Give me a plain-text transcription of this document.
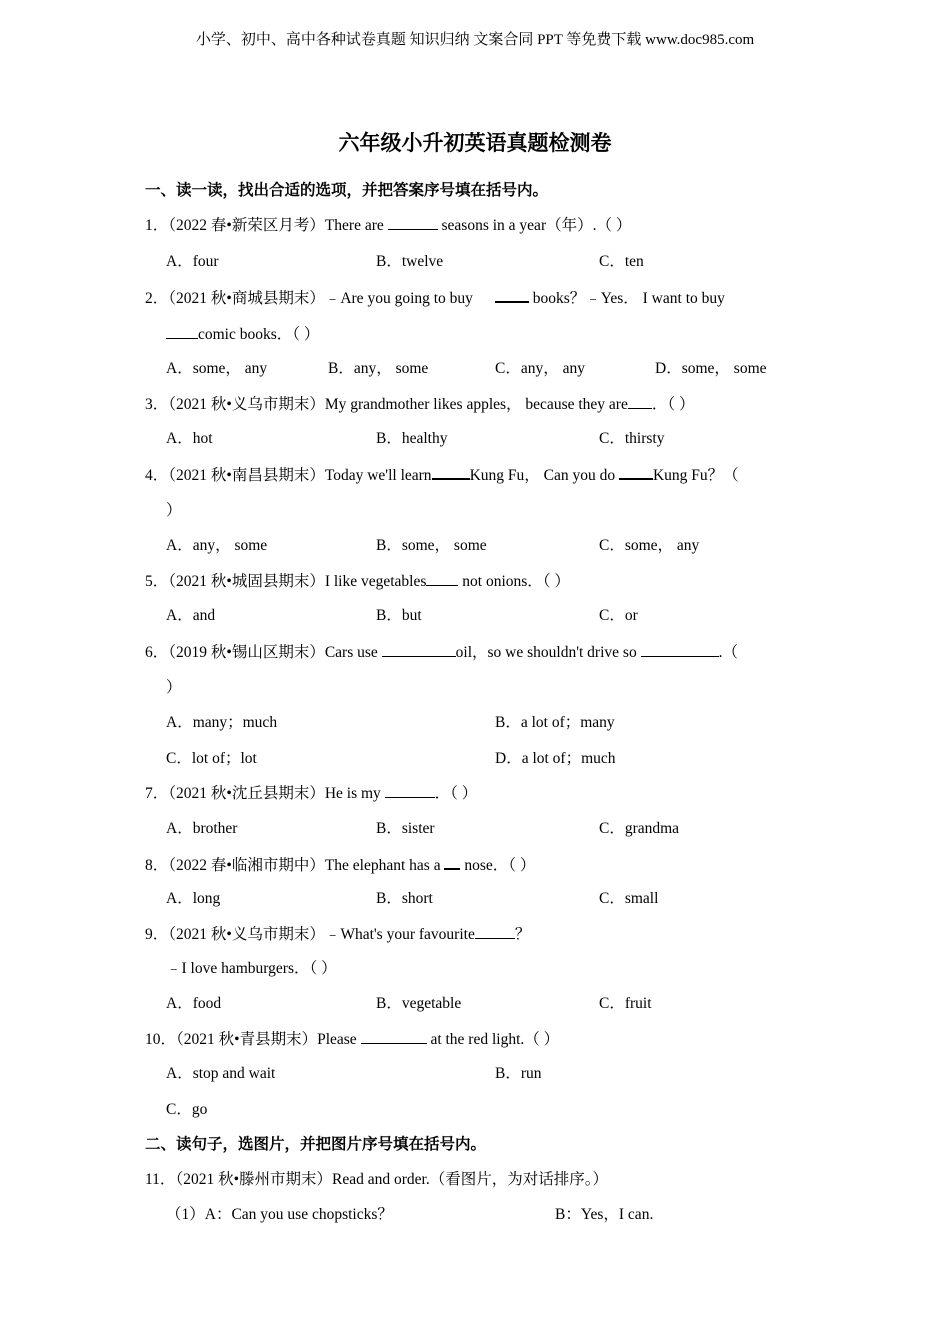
小学、初中、高中各种试卷真题 知识归纳 文案合同 PPT 等免费下载 www.doc985.com
六年级小升初英语真题检测卷
一、读一读，找出合适的选项，并把答案序号填在括号内。
1．（2022 春•新荣区月考）There are	seasons in a year（年）.（ ）
A．four	B．twelve	C．ten
2．（2021 秋•商城县期末）﹣Are you going to buy	books？﹣Yes． I want to buy
comic books．（ ）
A．some， any	B．any， some	C．any， any	D．some， some
3．（2021 秋•义乌市期末）My grandmother likes apples， because they are ．（ ）
A．hot	B．healthy	C．thirsty
4．（2021 秋•南昌县期末）Today we'll learn Kung Fu， Can you do Kung Fu？（
）
A．any， some	B．some， some	C．some， any
5．（2021 秋•城固县期末）I like vegetables not onions．（ ）
A．and	B．but	C．or
6．（2019 秋•锡山区期末）Cars use	oil，so we shouldn't drive so	.（
）
A．many；much	B．a lot of；many
C．lot of；lot	D．a lot of；much
7．（2021 秋•沈丘县期末）He is my	．（ ）
A．brother	B．sister	C．grandma
8．（2022 春•临湘市期中）The elephant has a nose．（ ）
A．long	B．short	C．small
9．（2021 秋•义乌市期末）﹣What's your favourite	？
﹣I love hamburgers．（ ）
A．food	B．vegetable	C．fruit
10．（2021 秋•青县期末）Please	at the red light.（ ）
A．stop and wait	B．run
C．go
二、读句子，选图片，并把图片序号填在括号内。
11．（2021 秋•滕州市期末）Read and order.（看图片，为对话排序。）
（1）A：Can you use chopsticks？	B：Yes，I can.
